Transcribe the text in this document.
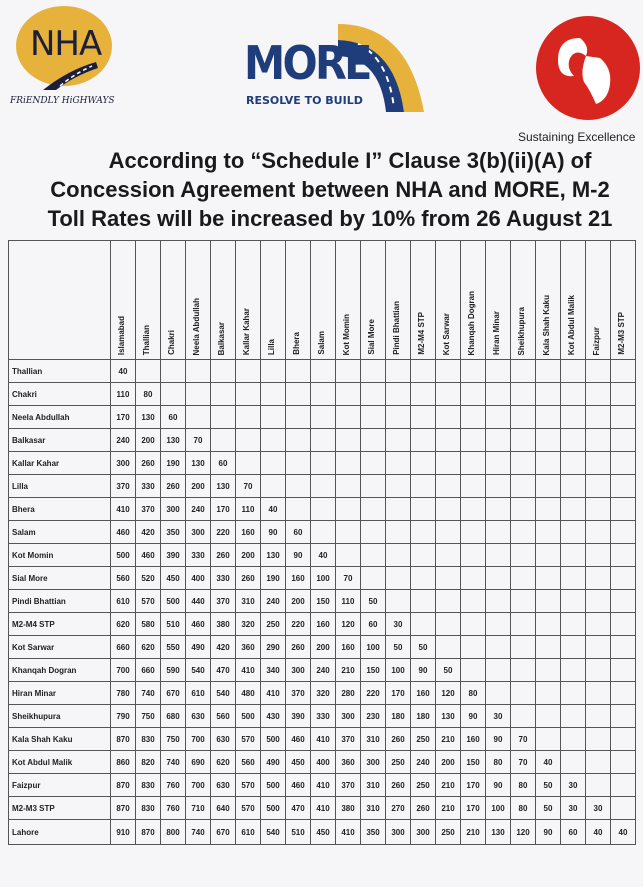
NHA
FRiENDLY HiGHWAYS
MORE
RESOLVE TO BUILD
Sustaining Excellence
According to “Schedule I” Clause 3(b)(ii)(A) of
Concession Agreement between NHA and MORE, M-2
Toll Rates will be increased by 10% from 26 August 21

	Islamabad	Thallian	Chakri	Neela Abdullah	Balkasar	Kallar Kahar	Lilla	Bhera	Salam	Kot Momin	Sial More	Pindi Bhattian	M2-M4 STP	Kot Sarwar	Khanqah Dogran	Hiran Minar	Sheikhupura	Kala Shah Kaku	Kot Abdul Malik	Faizpur	M2-M3 STP

Thallian	40																				
Chakri	110	80																			
Neela Abdullah	170	130	60																		
Balkasar	240	200	130	70																	
Kallar Kahar	300	260	190	130	60																
Lilla	370	330	260	200	130	70															
Bhera	410	370	300	240	170	110	40														
Salam	460	420	350	300	220	160	90	60													
Kot Momin	500	460	390	330	260	200	130	90	40												
Sial More	560	520	450	400	330	260	190	160	100	70											
Pindi Bhattian	610	570	500	440	370	310	240	200	150	110	50										
M2-M4 STP	620	580	510	460	380	320	250	220	160	120	60	30									
Kot Sarwar	660	620	550	490	420	360	290	260	200	160	100	50	50								
Khanqah Dogran	700	660	590	540	470	410	340	300	240	210	150	100	90	50							
Hiran Minar	780	740	670	610	540	480	410	370	320	280	220	170	160	120	80						
Sheikhupura	790	750	680	630	560	500	430	390	330	300	230	180	180	130	90	30					
Kala Shah Kaku	870	830	750	700	630	570	500	460	410	370	310	260	250	210	160	90	70				
Kot Abdul Malik	860	820	740	690	620	560	490	450	400	360	300	250	240	200	150	80	70	40			
Faizpur	870	830	760	700	630	570	500	460	410	370	310	260	250	210	170	90	80	50	30		
M2-M3 STP	870	830	760	710	640	570	500	470	410	380	310	270	260	210	170	100	80	50	30	30	
Lahore	910	870	800	740	670	610	540	510	450	410	350	300	300	250	210	130	120	90	60	40	40
